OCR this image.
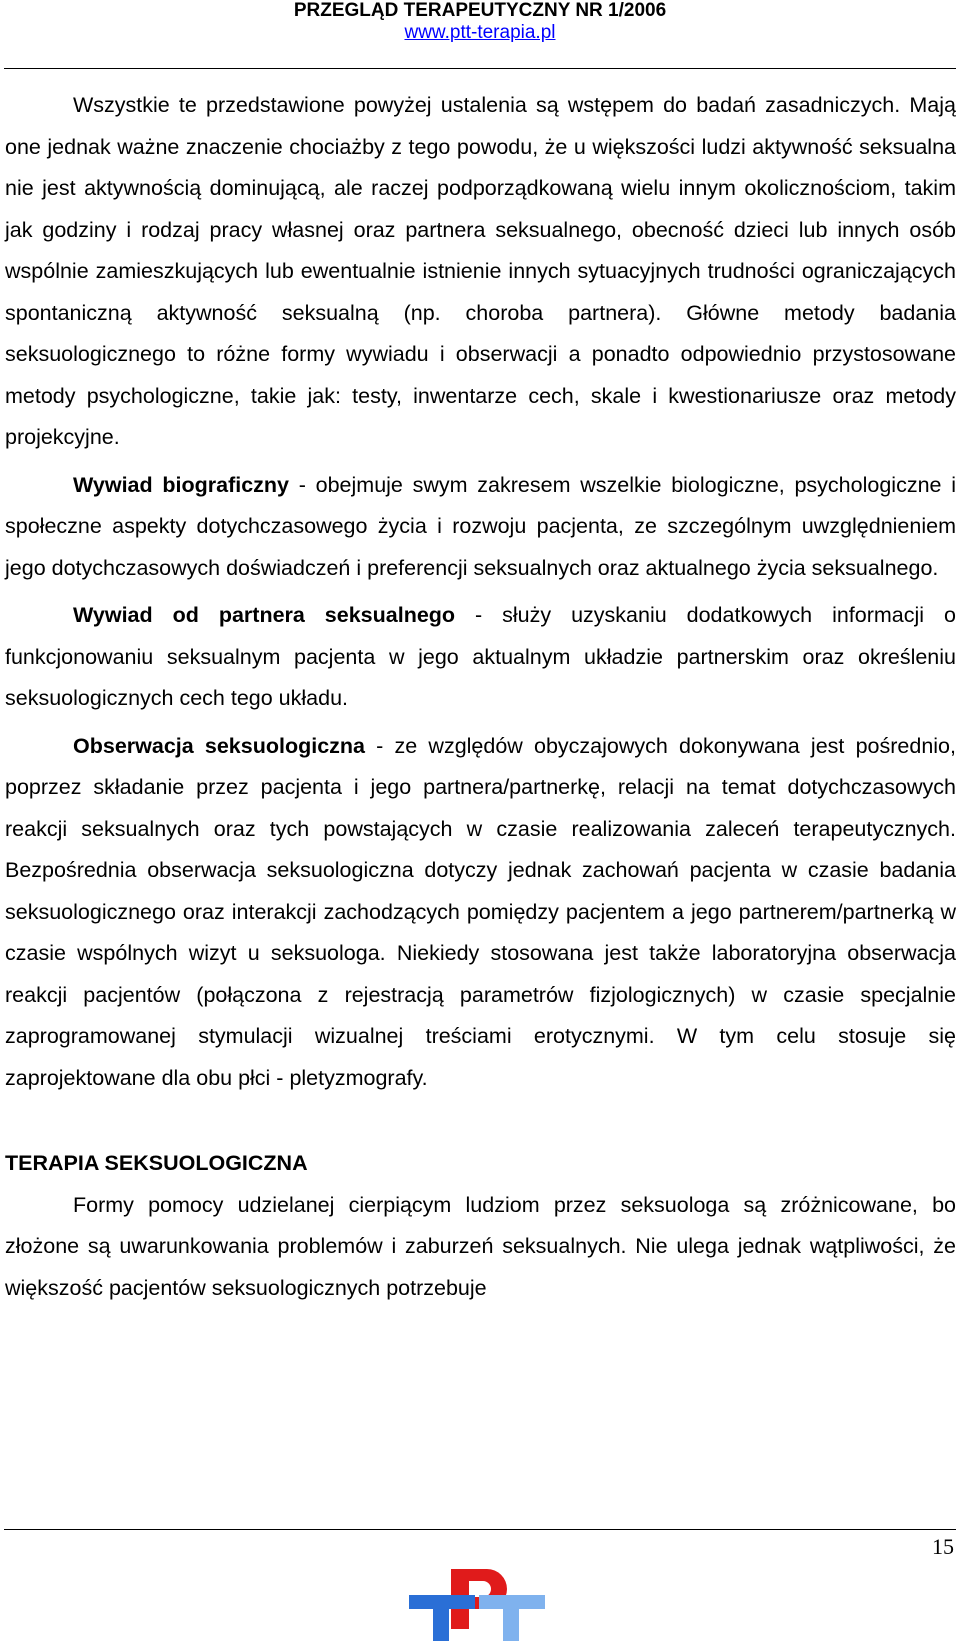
PRZEGLĄD TERAPEUTYCZNY NR 1/2006
www.ptt-terapia.pl

Wszystkie te przedstawione powyżej ustalenia są wstępem do badań zasadniczych. Mają one jednak ważne znaczenie chociażby z tego powodu, że u większości ludzi aktywność seksualna nie jest aktywnością dominującą, ale raczej podporządkowaną wielu innym okolicznościom, takim jak godziny i rodzaj pracy własnej oraz partnera seksualnego, obecność dzieci lub innych osób wspólnie zamieszkujących lub ewentualnie istnienie innych sytuacyjnych trudności ograniczających spontaniczną aktywność seksualną (np. choroba partnera). Główne metody badania seksuologicznego to różne formy wywiadu i obserwacji a ponadto odpowiednio przystosowane metody psychologiczne, takie jak: testy, inwentarze cech, skale i kwestionariusze oraz metody projekcyjne.

Wywiad biograficzny - obejmuje swym zakresem wszelkie biologiczne, psychologiczne i społeczne aspekty dotychczasowego życia i rozwoju pacjenta, ze szczególnym uwzględnieniem jego dotychczasowych doświadczeń i preferencji seksualnych oraz aktualnego życia seksualnego.

Wywiad od partnera seksualnego - służy uzyskaniu dodatkowych informacji o funkcjonowaniu seksualnym pacjenta w jego aktualnym układzie partnerskim oraz określeniu seksuologicznych cech tego układu.

Obserwacja seksuologiczna - ze względów obyczajowych dokonywana jest pośrednio, poprzez składanie przez pacjenta i jego partnera/partnerkę, relacji na temat dotychczasowych reakcji seksualnych oraz tych powstających w czasie realizowania zaleceń terapeutycznych. Bezpośrednia obserwacja seksuologiczna dotyczy jednak zachowań pacjenta w czasie badania seksuologicznego oraz interakcji zachodzących pomiędzy pacjentem a jego partnerem/partnerką w czasie wspólnych wizyt u seksuologa. Niekiedy stosowana jest także laboratoryjna obserwacja reakcji pacjentów (połączona z rejestracją parametrów fizjologicznych) w czasie specjalnie zaprogramowanej stymulacji wizualnej treściami erotycznymi. W tym celu stosuje się zaprojektowane dla obu płci - pletyzmografy.

TERAPIA SEKSUOLOGICZNA

Formy pomocy udzielanej cierpiącym ludziom przez seksuologa są zróżnicowane, bo złożone są uwarunkowania problemów i zaburzeń seksualnych. Nie ulega jednak wątpliwości, że większość pacjentów seksuologicznych potrzebuje

15
